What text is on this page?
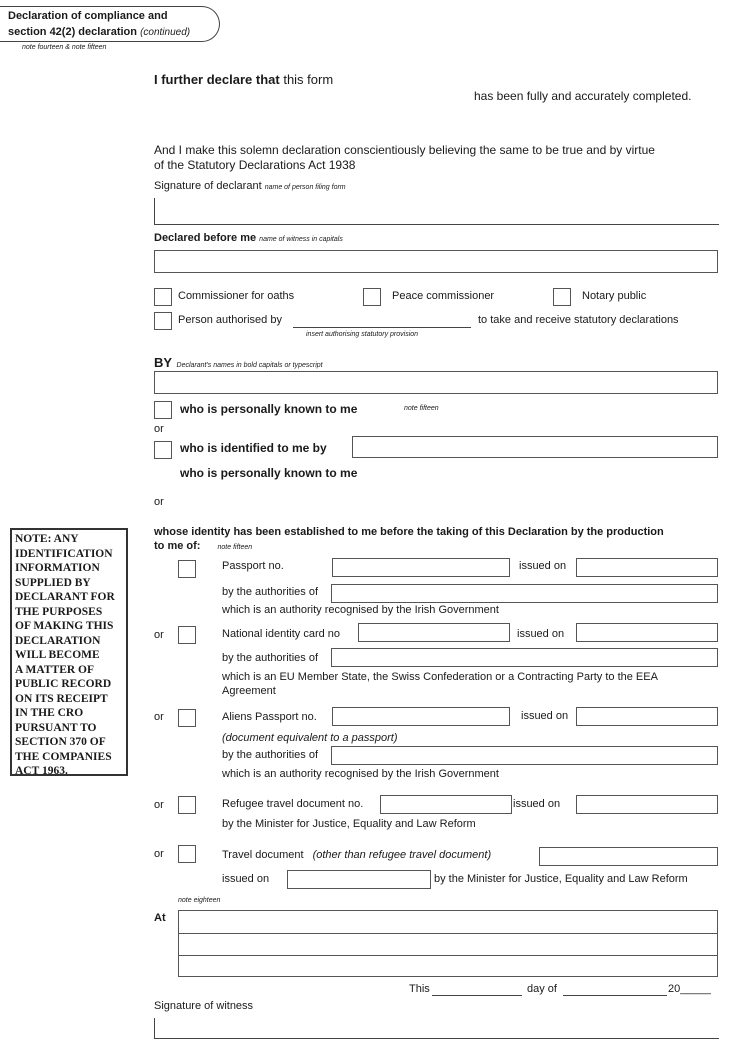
Declaration of compliance and
section 42(2) declaration (continued)
note fourteen & note fifteen
I further declare that this form
has been fully and accurately completed.
And I make this solemn declaration conscientiously believing the same to be true and by virtue
of the Statutory Declarations Act 1938
Signature of declarant name of person filing form
Declared before me name of witness in capitals
Commissioner for oaths	Peace commissioner	Notary public
Person authorised by
insert authorising statutory provision
to take and receive statutory declarations
BY Declarant's names in bold capitals or typescript
who is personally known to me	note fifteen
or
who is identified to me by
who is personally known to me
or
NOTE: ANY
IDENTIFICATION
INFORMATION
SUPPLIED BY
DECLARANT FOR
THE PURPOSES
OF MAKING THIS
DECLARATION
WILL BECOME
A MATTER OF
PUBLIC RECORD
ON ITS RECEIPT
IN THE CRO
PURSUANT TO
SECTION 370 OF
THE COMPANIES
ACT 1963.
whose identity has been established to me before the taking of this Declaration by the production
to me of: note fifteen
Passport no.	issued on
by the authorities of
which is an authority recognised by the Irish Government
or	National identity card no	issued on
by the authorities of
which is an EU Member State, the Swiss Confederation or a Contracting Party to the EEA
Agreement
or	Aliens Passport no.	issued on
(document equivalent to a passport)
by the authorities of
which is an authority recognised by the Irish Government
or	Refugee travel document no.	issued on
by the Minister for Justice, Equality and Law Reform
or	Travel document (other than refugee travel document)
issued on	by the Minister for Justice, Equality and Law Reform
note eighteen
At
This	day of	20_____
Signature of witness
